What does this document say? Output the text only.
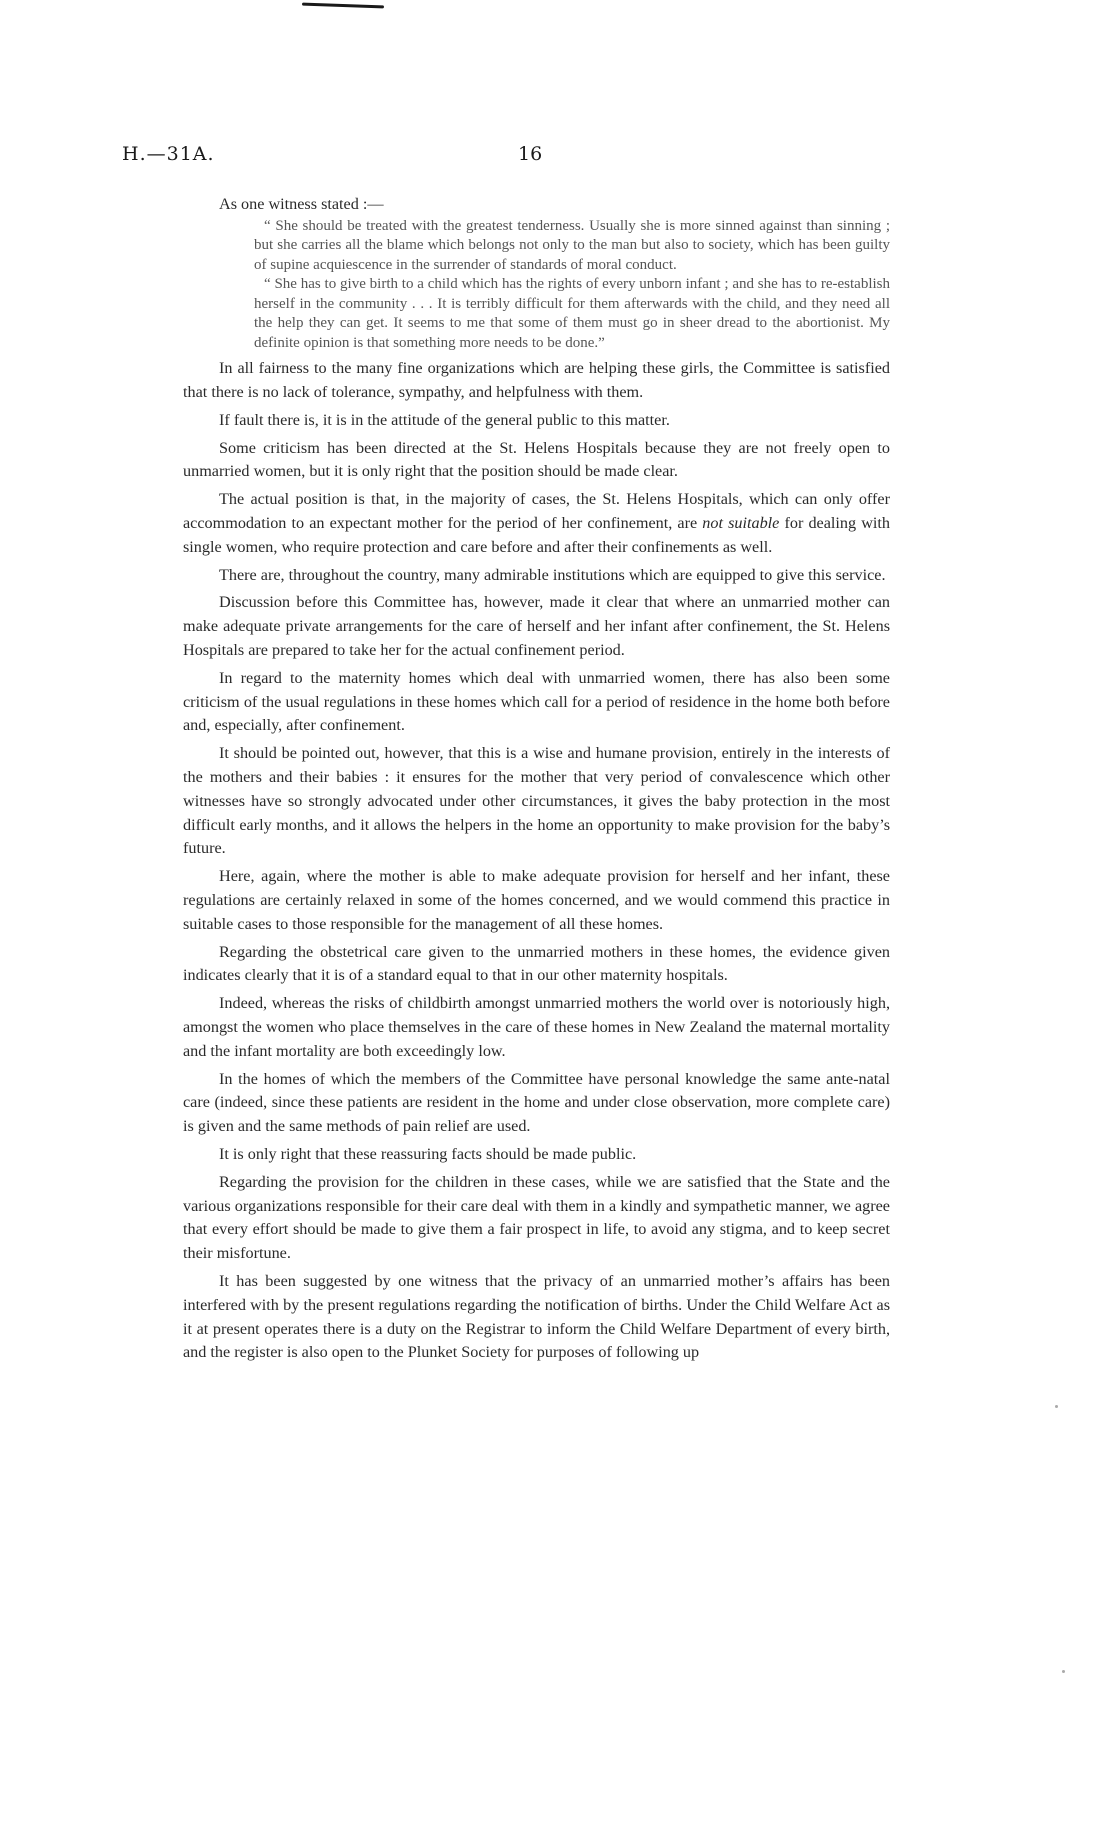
H.—31A.	16

As one witness stated :—

“ She should be treated with the greatest tenderness. Usually she is more sinned against than sinning ; but she carries all the blame which belongs not only to the man but also to society, which has been guilty of supine acquiescence in the surrender of standards of moral conduct.

“ She has to give birth to a child which has the rights of every unborn infant ; and she has to re-establish herself in the community . . . It is terribly difficult for them afterwards with the child, and they need all the help they can get. It seems to me that some of them must go in sheer dread to the abortionist. My definite opinion is that something more needs to be done.”

In all fairness to the many fine organizations which are helping these girls, the Committee is satisfied that there is no lack of tolerance, sympathy, and helpfulness with them.

If fault there is, it is in the attitude of the general public to this matter.

Some criticism has been directed at the St. Helens Hospitals because they are not freely open to unmarried women, but it is only right that the position should be made clear.

The actual position is that, in the majority of cases, the St. Helens Hospitals, which can only offer accommodation to an expectant mother for the period of her confinement, are not suitable for dealing with single women, who require protection and care before and after their confinements as well.

There are, throughout the country, many admirable institutions which are equipped to give this service.

Discussion before this Committee has, however, made it clear that where an unmarried mother can make adequate private arrangements for the care of herself and her infant after confinement, the St. Helens Hospitals are prepared to take her for the actual confinement period.

In regard to the maternity homes which deal with unmarried women, there has also been some criticism of the usual regulations in these homes which call for a period of residence in the home both before and, especially, after confinement.

It should be pointed out, however, that this is a wise and humane provision, entirely in the interests of the mothers and their babies : it ensures for the mother that very period of convalescence which other witnesses have so strongly advocated under other circumstances, it gives the baby protection in the most difficult early months, and it allows the helpers in the home an opportunity to make provision for the baby’s future.

Here, again, where the mother is able to make adequate provision for herself and her infant, these regulations are certainly relaxed in some of the homes concerned, and we would commend this practice in suitable cases to those responsible for the management of all these homes.

Regarding the obstetrical care given to the unmarried mothers in these homes, the evidence given indicates clearly that it is of a standard equal to that in our other maternity hospitals.

Indeed, whereas the risks of childbirth amongst unmarried mothers the world over is notoriously high, amongst the women who place themselves in the care of these homes in New Zealand the maternal mortality and the infant mortality are both exceedingly low.

In the homes of which the members of the Committee have personal knowledge the same ante-natal care (indeed, since these patients are resident in the home and under close observation, more complete care) is given and the same methods of pain relief are used.

It is only right that these reassuring facts should be made public.

Regarding the provision for the children in these cases, while we are satisfied that the State and the various organizations responsible for their care deal with them in a kindly and sympathetic manner, we agree that every effort should be made to give them a fair prospect in life, to avoid any stigma, and to keep secret their misfortune.

It has been suggested by one witness that the privacy of an unmarried mother’s affairs has been interfered with by the present regulations regarding the notification of births. Under the Child Welfare Act as it at present operates there is a duty on the Registrar to inform the Child Welfare Department of every birth, and the register is also open to the Plunket Society for purposes of following up
